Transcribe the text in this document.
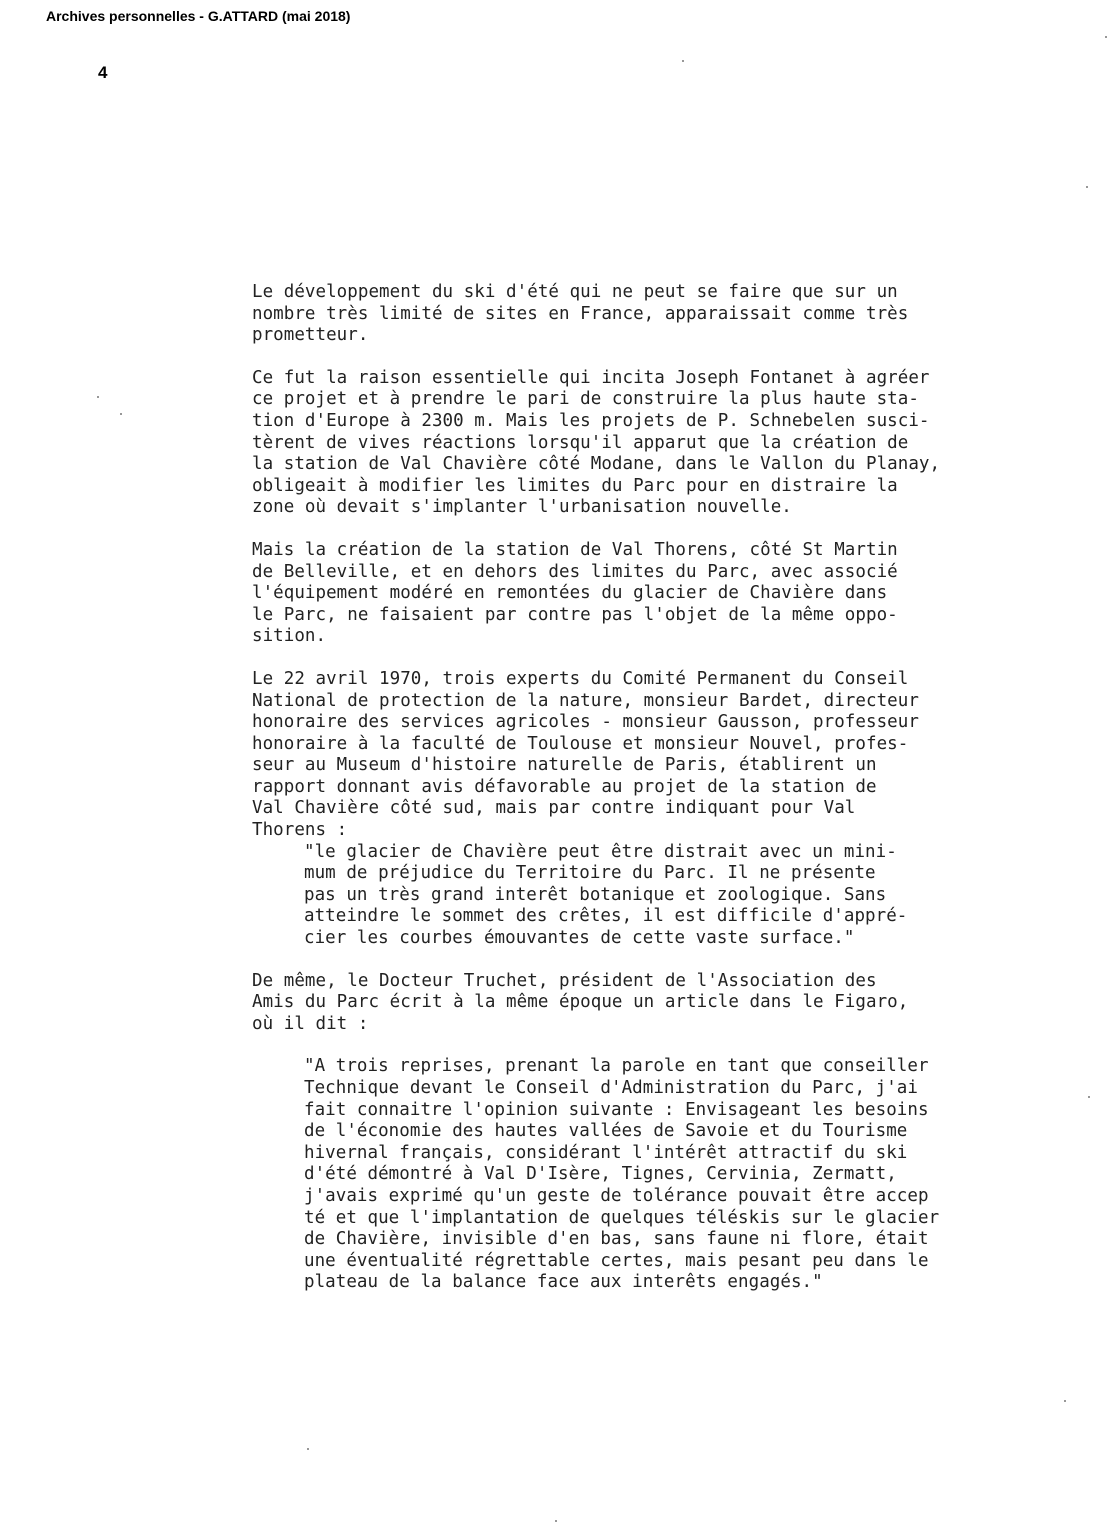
Archives personnelles - G.ATTARD (mai 2018)
4
Le développement du ski d'été qui ne peut se faire que sur un
nombre très limité de sites en France, apparaissait comme très
prometteur.
Ce fut la raison essentielle qui incita Joseph Fontanet à agréer
ce projet et à prendre le pari de construire la plus haute sta-
tion d'Europe à 2300 m. Mais les projets de P. Schnebelen susci-
tèrent de vives réactions lorsqu'il apparut que la création de
la station de Val Chavière côté Modane, dans le Vallon du Planay,
obligeait à modifier les limites du Parc pour en distraire la
zone où devait s'implanter l'urbanisation nouvelle.
Mais la création de la station de Val Thorens, côté St Martin
de Belleville, et en dehors des limites du Parc, avec associé
l'équipement modéré en remontées du glacier de Chavière dans
le Parc, ne faisaient par contre pas l'objet de la même oppo-
sition.
Le 22 avril 1970, trois experts du Comité Permanent du Conseil
National de protection de la nature, monsieur Bardet, directeur
honoraire des services agricoles - monsieur Gausson, professeur
honoraire à la faculté de Toulouse et monsieur Nouvel, profes-
seur au Museum d'histoire naturelle de Paris, établirent un
rapport donnant avis défavorable au projet de la station de
Val Chavière côté sud, mais par contre indiquant pour Val
Thorens :
"le glacier de Chavière peut être distrait avec un mini-
mum de préjudice du Territoire du Parc. Il ne présente
pas un très grand interêt botanique et zoologique. Sans
atteindre le sommet des crêtes, il est difficile d'appré-
cier les courbes émouvantes de cette vaste surface."
De même, le Docteur Truchet, président de l'Association des
Amis du Parc écrit à la même époque un article dans le Figaro,
où il dit :
"A trois reprises, prenant la parole en tant que conseiller
Technique devant le Conseil d'Administration du Parc, j'ai
fait connaitre l'opinion suivante : Envisageant les besoins
de l'économie des hautes vallées de Savoie et du Tourisme
hivernal français, considérant l'intérêt attractif du ski
d'été démontré à Val D'Isère, Tignes, Cervinia, Zermatt,
j'avais exprimé qu'un geste de tolérance pouvait être accep
té et que l'implantation de quelques téléskis sur le glacier
de Chavière, invisible d'en bas, sans faune ni flore, était
une éventualité régrettable certes, mais pesant peu dans le
plateau de la balance face aux interêts engagés."
